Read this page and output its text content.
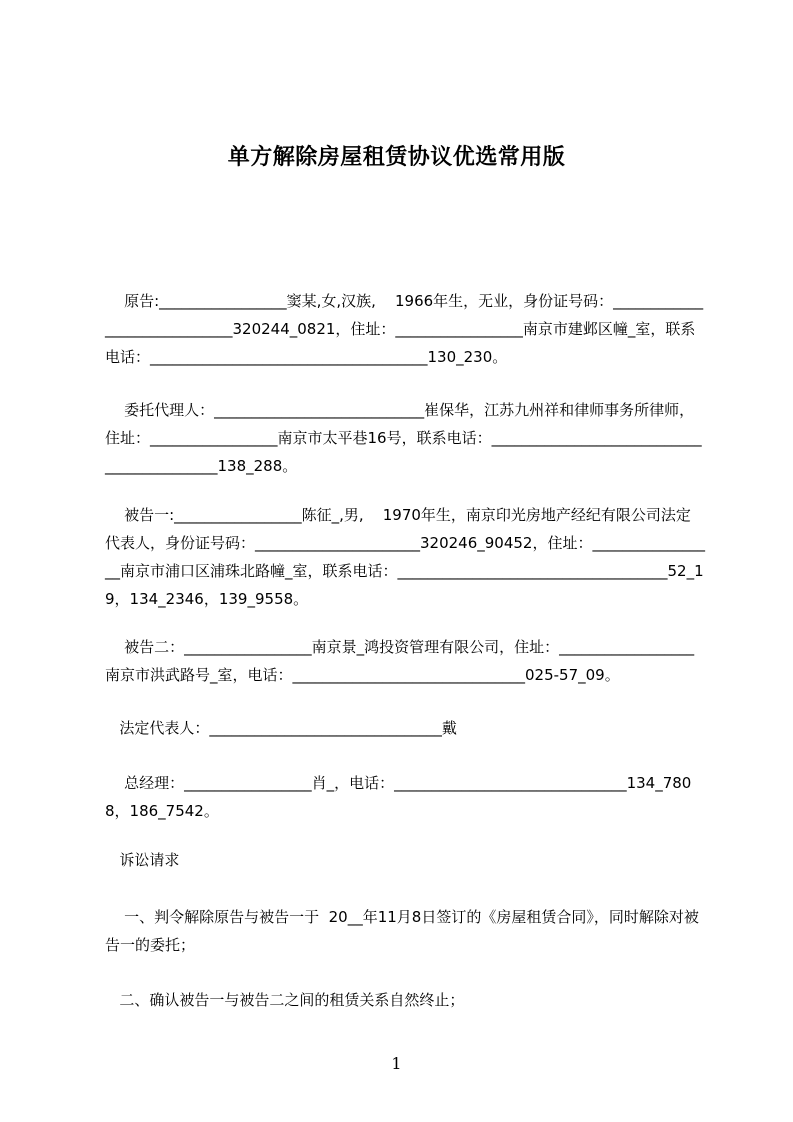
单方解除房屋租赁协议优选常用版
原告:_________________窦某,女,汉族,    1966年生，无业，身份证号码：_____________________________320244_0821，住址：_________________南京市建邺区幢_室，联系电话：_____________________________________130_230。
委托代理人：____________________________崔保华，江苏九州祥和律师事务所律师，住址：_________________南京市太平巷16号，联系电话：___________________________________________138_288。
被告一:_________________陈征_,男,    1970年生，南京印光房地产经纪有限公司法定代表人，身份证号码：______________________320246_90452，住址：_________________南京市浦口区浦珠北路幢_室，联系电话：____________________________________52_19，134_2346，139_9558。
被告二：_________________南京景_鸿投资管理有限公司，住址：__________________南京市洪武路号_室，电话：_______________________________025-57_09。
法定代表人：_______________________________戴
总经理：_________________肖_，电话：_______________________________134_7808，186_7542。
诉讼请求
一、判令解除原告与被告一于  20__年11月8日签订的《房屋租赁合同》，同时解除对被告一的委托；
二、确认被告一与被告二之间的租赁关系自然终止；
1
